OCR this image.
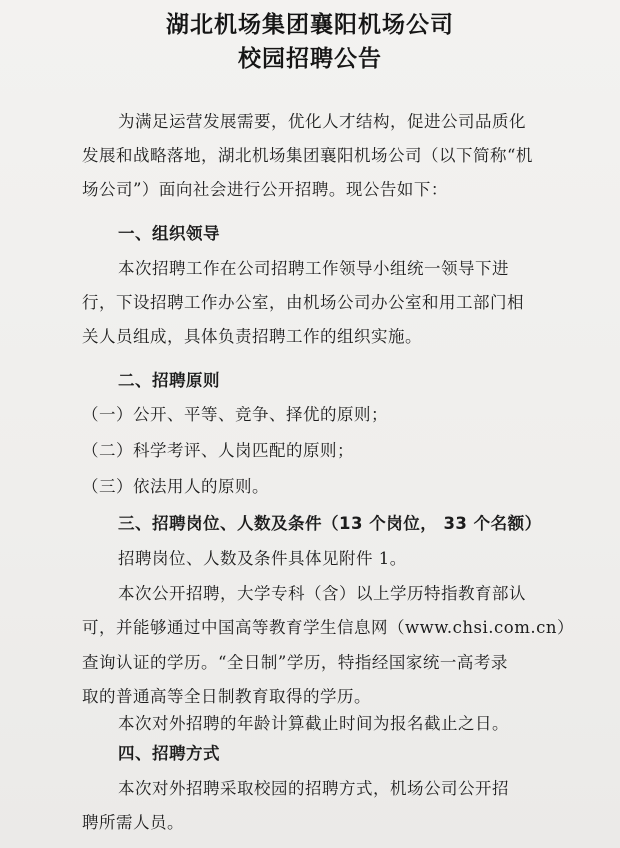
湖北机场集团襄阳机场公司
校园招聘公告
为满足运营发展需要，优化人才结构，促进公司品质化
发展和战略落地，湖北机场集团襄阳机场公司（以下简称“机
场公司”）面向社会进行公开招聘。现公告如下：
一、组织领导
本次招聘工作在公司招聘工作领导小组统一领导下进
行，下设招聘工作办公室，由机场公司办公室和用工部门相
关人员组成，具体负责招聘工作的组织实施。
二、招聘原则
（一）公开、平等、竞争、择优的原则；
（二）科学考评、人岗匹配的原则；
（三）依法用人的原则。
三、招聘岗位、人数及条件（13 个岗位， 33 个名额）
招聘岗位、人数及条件具体见附件 1。
本次公开招聘，大学专科（含）以上学历特指教育部认
可，并能够通过中国高等教育学生信息网（www.chsi.com.cn）
查询认证的学历。“全日制”学历，特指经国家统一高考录
取的普通高等全日制教育取得的学历。
本次对外招聘的年龄计算截止时间为报名截止之日。
四、招聘方式
本次对外招聘采取校园的招聘方式，机场公司公开招
聘所需人员。
